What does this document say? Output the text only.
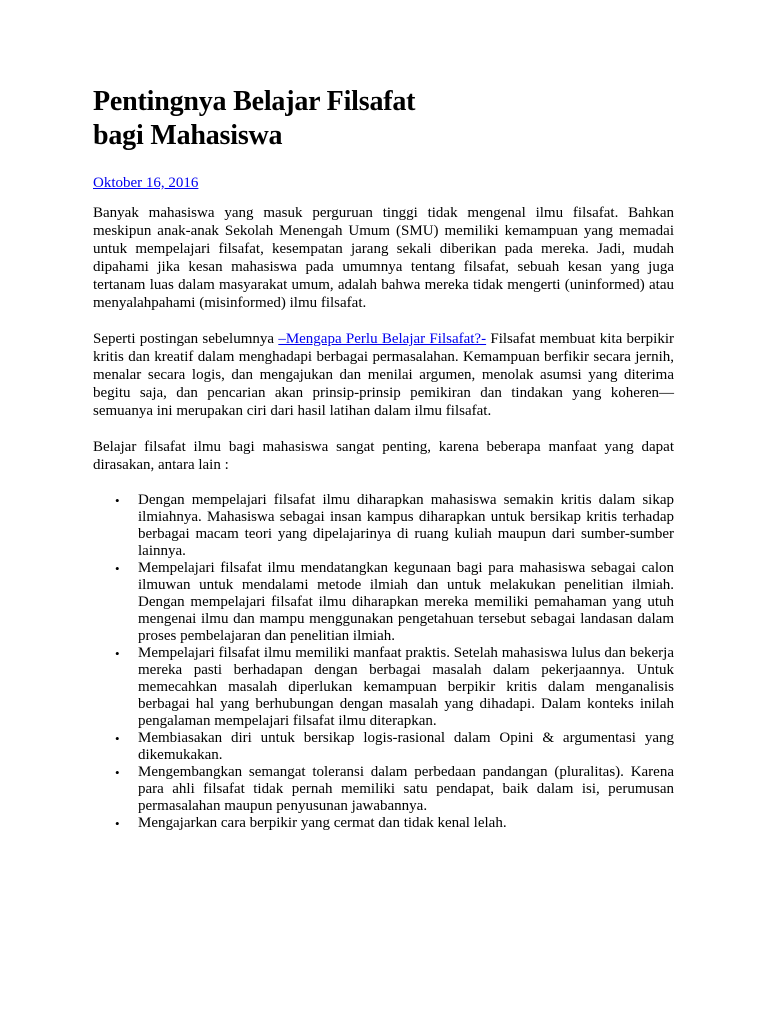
Pentingnya Belajar Filsafat
bagi Mahasiswa
Oktober 16, 2016

Banyak mahasiswa yang masuk perguruan tinggi tidak mengenal ilmu filsafat. Bahkan meskipun anak-anak Sekolah Menengah Umum (SMU) memiliki kemampuan yang memadai untuk mempelajari filsafat, kesempatan jarang sekali diberikan pada mereka. Jadi, mudah dipahami jika kesan mahasiswa pada umumnya tentang filsafat, sebuah kesan yang juga tertanam luas dalam masyarakat umum, adalah bahwa mereka tidak mengerti (uninformed) atau menyalahpahami (misinformed) ilmu filsafat.

Seperti postingan sebelumnya –Mengapa Perlu Belajar Filsafat?- Filsafat membuat kita berpikir kritis dan kreatif dalam menghadapi berbagai permasalahan. Kemampuan berfikir secara jernih, menalar secara logis, dan mengajukan dan menilai argumen, menolak asumsi yang diterima begitu saja, dan pencarian akan prinsip-prinsip pemikiran dan tindakan yang koheren—semuanya ini merupakan ciri dari hasil latihan dalam ilmu filsafat.

Belajar filsafat ilmu bagi mahasiswa sangat penting, karena beberapa manfaat yang dapat dirasakan, antara lain :

• Dengan mempelajari filsafat ilmu diharapkan mahasiswa semakin kritis dalam sikap ilmiahnya. Mahasiswa sebagai insan kampus diharapkan untuk bersikap kritis terhadap berbagai macam teori yang dipelajarinya di ruang kuliah maupun dari sumber-sumber lainnya.
• Mempelajari filsafat ilmu mendatangkan kegunaan bagi para mahasiswa sebagai calon ilmuwan untuk mendalami metode ilmiah dan untuk melakukan penelitian ilmiah. Dengan mempelajari filsafat ilmu diharapkan mereka memiliki pemahaman yang utuh mengenai ilmu dan mampu menggunakan pengetahuan tersebut sebagai landasan dalam proses pembelajaran dan penelitian ilmiah.
• Mempelajari filsafat ilmu memiliki manfaat praktis. Setelah mahasiswa lulus dan bekerja mereka pasti berhadapan dengan berbagai masalah dalam pekerjaannya. Untuk memecahkan masalah diperlukan kemampuan berpikir kritis dalam menganalisis berbagai hal yang berhubungan dengan masalah yang dihadapi. Dalam konteks inilah pengalaman mempelajari filsafat ilmu diterapkan.
• Membiasakan diri untuk bersikap logis-rasional dalam Opini & argumentasi yang dikemukakan.
• Mengembangkan semangat toleransi dalam perbedaan pandangan (pluralitas). Karena para ahli filsafat tidak pernah memiliki satu pendapat, baik dalam isi, perumusan permasalahan maupun penyusunan jawabannya.
• Mengajarkan cara berpikir yang cermat dan tidak kenal lelah.
